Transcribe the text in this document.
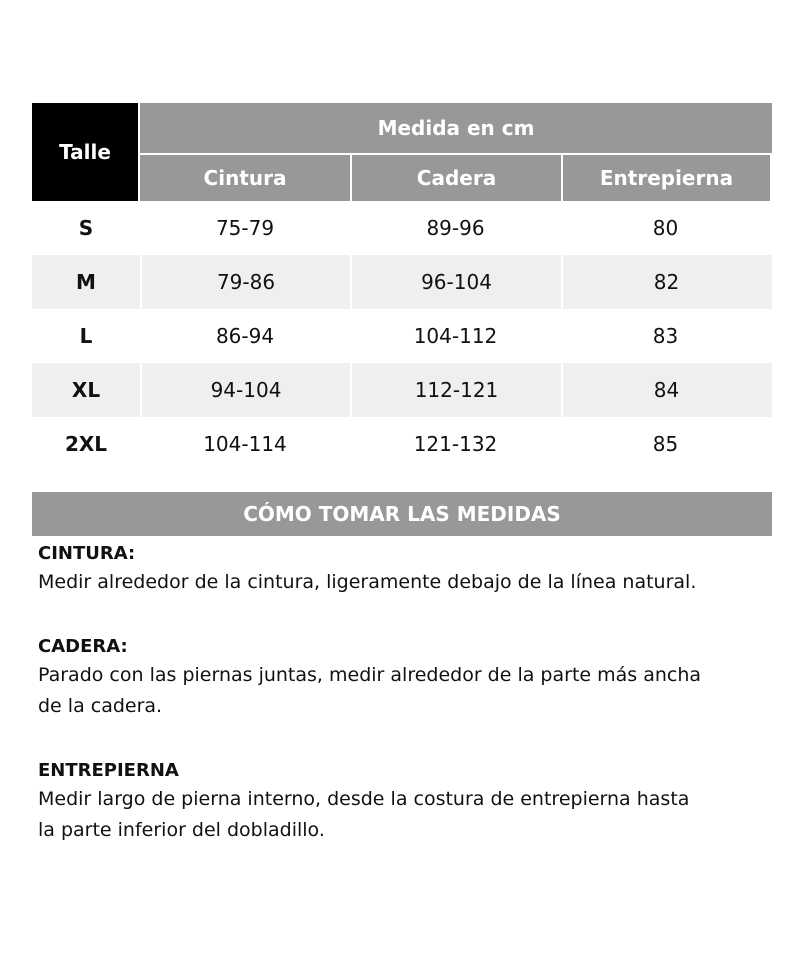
Talle
Medida en cm
Cintura	Cadera	Entrepierna
S	75-79	89-96	80
M	79-86	96-104	82
L	86-94	104-112	83
XL	94-104	112-121	84
2XL	104-114	121-132	85
CÓMO TOMAR LAS MEDIDAS
CINTURA:

Medir alrededor de la cintura, ligeramente debajo de la línea natural.

CADERA:

Parado con las piernas juntas, medir alrededor de la parte más ancha

de la cadera.

ENTREPIERNA

Medir largo de pierna interno, desde la costura de entrepierna hasta

la parte inferior del dobladillo.
